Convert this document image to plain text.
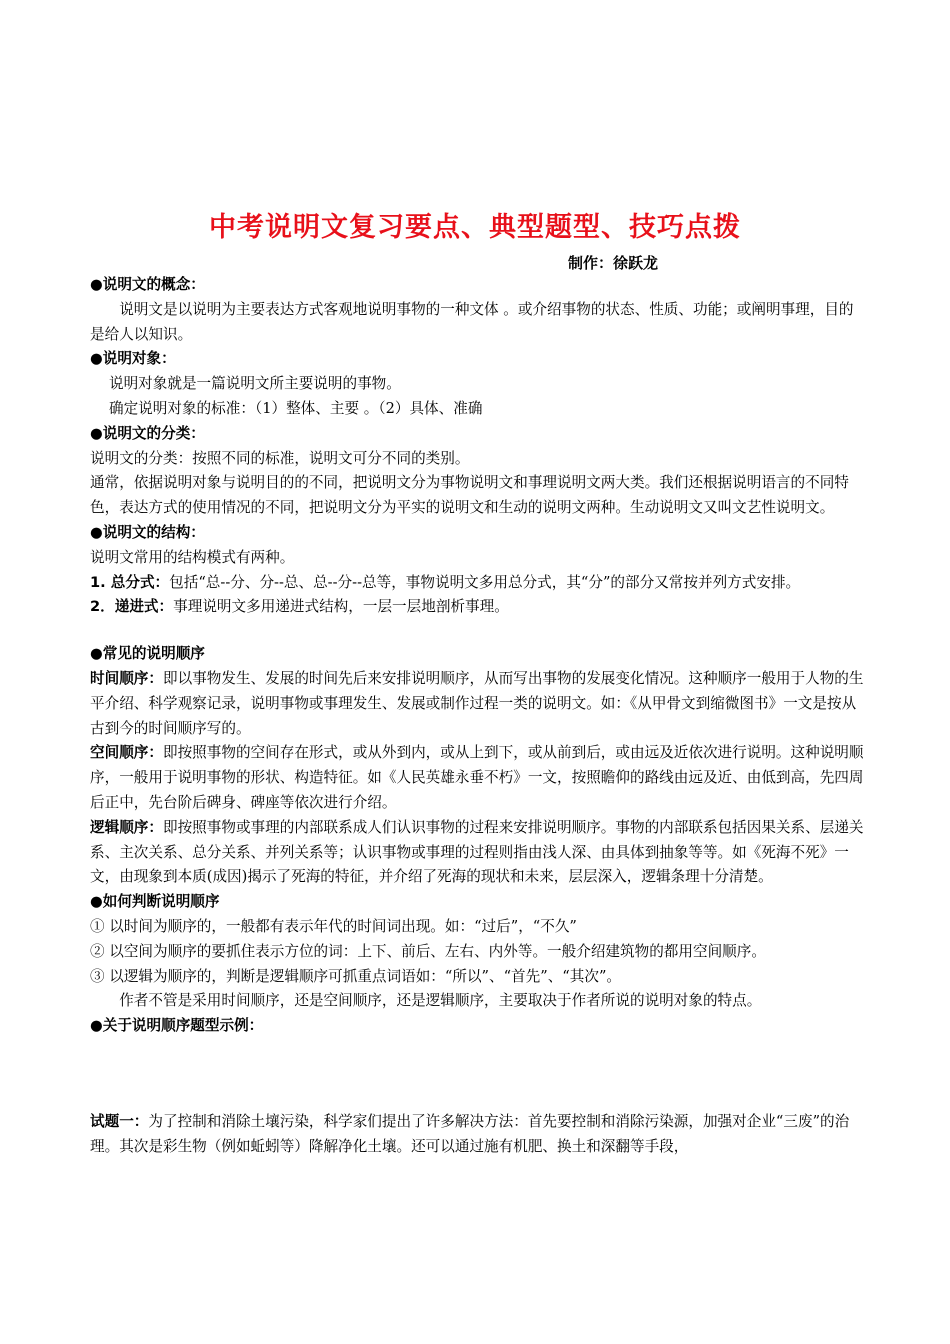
中考说明文复习要点、典型题型、技巧点拨
制作：徐跃龙

●说明文的概念：

说明文是以说明为主要表达方式客观地说明事物的一种文体 。或介绍事物的状态、性质、功能；或阐明事理，目的是给人以知识。

●说明对象：

说明对象就是一篇说明文所主要说明的事物。

确定说明对象的标准：（1）整体、主要 。（2）具体、准确

●说明文的分类：

说明文的分类：按照不同的标准，说明文可分不同的类别。

通常，依据说明对象与说明目的的不同，把说明文分为事物说明文和事理说明文两大类。我们还根据说明语言的不同特色，表达方式的使用情况的不同，把说明文分为平实的说明文和生动的说明文两种。生动说明文又叫文艺性说明文。

●说明文的结构：

说明文常用的结构模式有两种。

1. 总分式：包括“总--分、分--总、总--分--总等，事物说明文多用总分式，其“分”的部分又常按并列方式安排。

2．递进式：事理说明文多用递进式结构，一层一层地剖析事理。

●常见的说明顺序

时间顺序：即以事物发生、发展的时间先后来安排说明顺序，从而写出事物的发展变化情况。这种顺序一般用于人物的生平介绍、科学观察记录，说明事物或事理发生、发展或制作过程一类的说明文。如：《从甲骨文到缩微图书》一文是按从古到今的时间顺序写的。

空间顺序：即按照事物的空间存在形式，或从外到内，或从上到下，或从前到后，或由远及近依次进行说明。这种说明顺序，一般用于说明事物的形状、构造特征。如《人民英雄永垂不朽》一文，按照瞻仰的路线由远及近、由低到高，先四周后正中，先台阶后碑身、碑座等依次进行介绍。

逻辑顺序：即按照事物或事理的内部联系成人们认识事物的过程来安排说明顺序。事物的内部联系包括因果关系、层递关系、主次关系、总分关系、并列关系等；认识事物或事理的过程则指由浅人深、由具体到抽象等等。如《死海不死》一文，由现象到本质(成因)揭示了死海的特征，并介绍了死海的现状和未来，层层深入，逻辑条理十分清楚。

●如何判断说明顺序

① 以时间为顺序的，一般都有表示年代的时间词出现。如：“过后”，“不久”

② 以空间为顺序的要抓住表示方位的词：上下、前后、左右、内外等。一般介绍建筑物的都用空间顺序。

③ 以逻辑为顺序的，判断是逻辑顺序可抓重点词语如：“所以”、“首先”、“其次”。

作者不管是采用时间顺序，还是空间顺序，还是逻辑顺序，主要取决于作者所说的说明对象的特点。

●关于说明顺序题型示例：

试题一：为了控制和消除土壤污染，科学家们提出了许多解决方法：首先要控制和消除污染源，加强对企业“三废”的治理。其次是彩生物（例如蚯蚓等）降解净化土壤。还可以通过施有机肥、换土和深翻等手段，
